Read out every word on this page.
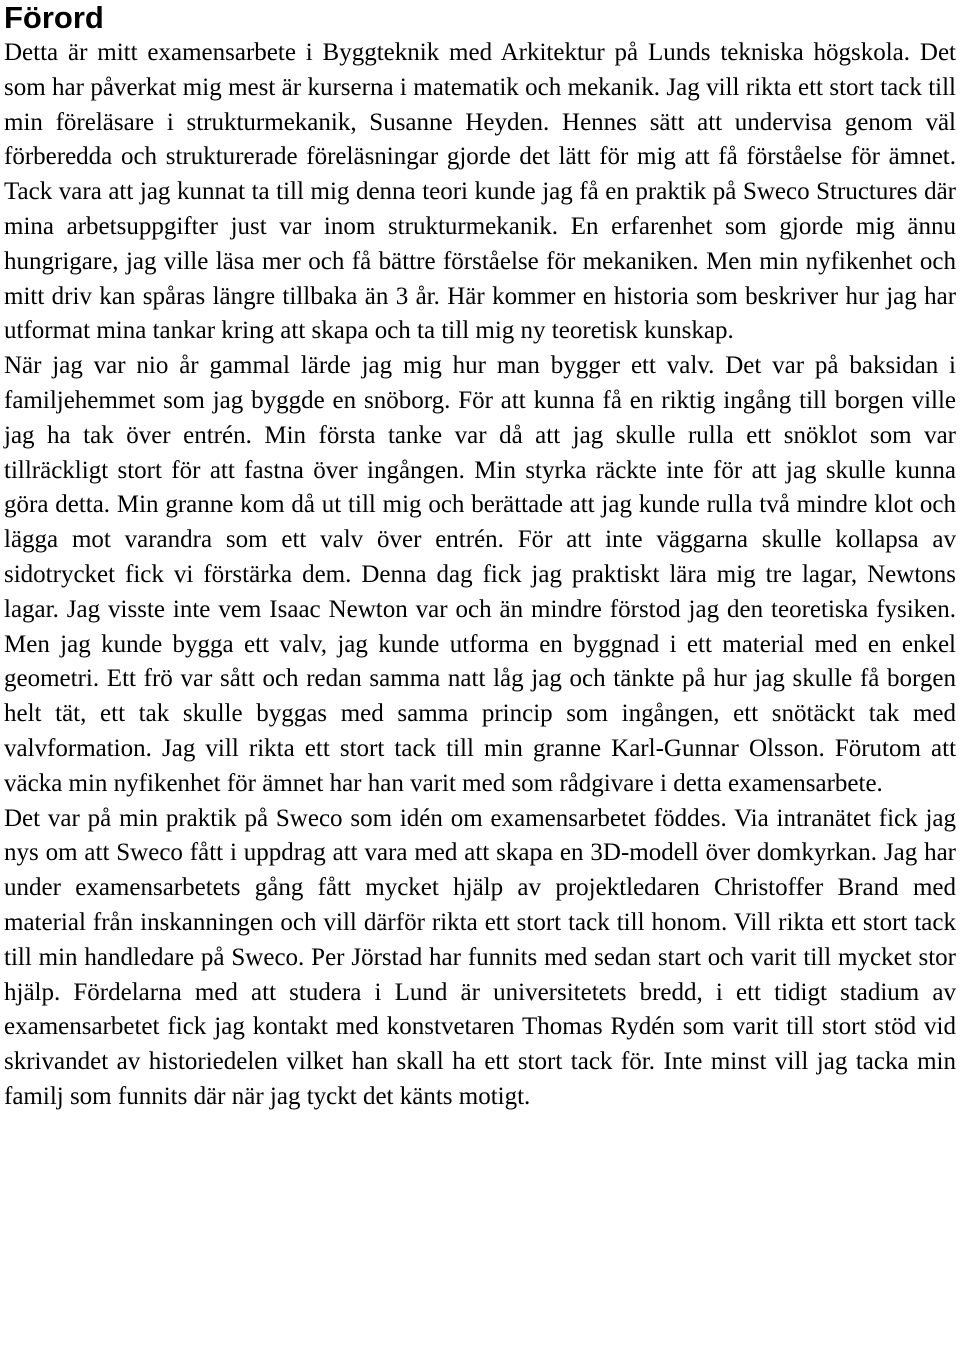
Förord

Detta är mitt examensarbete i Byggteknik med Arkitektur på Lunds tekniska högskola. Det som har påverkat mig mest är kurserna i matematik och mekanik. Jag vill rikta ett stort tack till min föreläsare i strukturmekanik, Susanne Heyden. Hennes sätt att undervisa genom väl förberedda och strukturerade föreläsningar gjorde det lätt för mig att få förståelse för ämnet. Tack vara att jag kunnat ta till mig denna teori kunde jag få en praktik på Sweco Structures där mina arbetsuppgifter just var inom strukturmekanik. En erfarenhet som gjorde mig ännu hungrigare, jag ville läsa mer och få bättre förståelse för mekaniken. Men min nyfikenhet och mitt driv kan spåras längre tillbaka än 3 år. Här kommer en historia som beskriver hur jag har utformat mina tankar kring att skapa och ta till mig ny teoretisk kunskap.

När jag var nio år gammal lärde jag mig hur man bygger ett valv. Det var på baksidan i familjehemmet som jag byggde en snöborg. För att kunna få en riktig ingång till borgen ville jag ha tak över entrén. Min första tanke var då att jag skulle rulla ett snöklot som var tillräckligt stort för att fastna över ingången. Min styrka räckte inte för att jag skulle kunna göra detta. Min granne kom då ut till mig och berättade att jag kunde rulla två mindre klot och lägga mot varandra som ett valv över entrén. För att inte väggarna skulle kollapsa av sidotrycket fick vi förstärka dem. Denna dag fick jag praktiskt lära mig tre lagar, Newtons lagar. Jag visste inte vem Isaac Newton var och än mindre förstod jag den teoretiska fysiken. Men jag kunde bygga ett valv, jag kunde utforma en byggnad i ett material med en enkel geometri. Ett frö var sått och redan samma natt låg jag och tänkte på hur jag skulle få borgen helt tät, ett tak skulle byggas med samma princip som ingången, ett snötäckt tak med valvformation. Jag vill rikta ett stort tack till min granne Karl-Gunnar Olsson. Förutom att väcka min nyfikenhet för ämnet har han varit med som rådgivare i detta examensarbete.

Det var på min praktik på Sweco som idén om examensarbetet föddes. Via intranätet fick jag nys om att Sweco fått i uppdrag att vara med att skapa en 3D-modell över domkyrkan. Jag har under examensarbetets gång fått mycket hjälp av projektledaren Christoffer Brand med material från inskanningen och vill därför rikta ett stort tack till honom. Vill rikta ett stort tack till min handledare på Sweco. Per Jörstad har funnits med sedan start och varit till mycket stor hjälp. Fördelarna med att studera i Lund är universitetets bredd, i ett tidigt stadium av examensarbetet fick jag kontakt med konstvetaren Thomas Rydén som varit till stort stöd vid skrivandet av historiedelen vilket han skall ha ett stort tack för. Inte minst vill jag tacka min familj som funnits där när jag tyckt det känts motigt.
